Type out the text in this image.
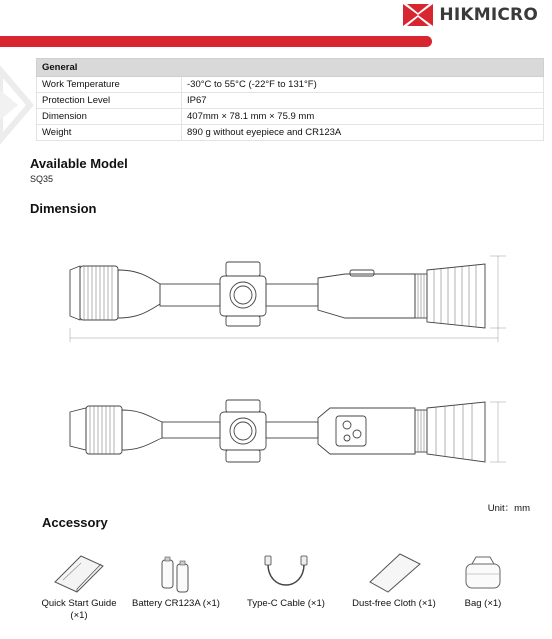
HIKMICRO
General	
Work Temperature	-30°C to 55°C (-22°F to 131°F)
Protection Level	IP67
Dimension	407mm × 78.1 mm × 75.9 mm
Weight	890 g without eyepiece and CR123A
Available Model
SQ35
Dimension
Unit：mm
Accessory
Quick Start Guide
(×1)
Battery CR123A (×1)	Type-C Cable (×1)	Dust-free Cloth (×1)	Bag (×1)
